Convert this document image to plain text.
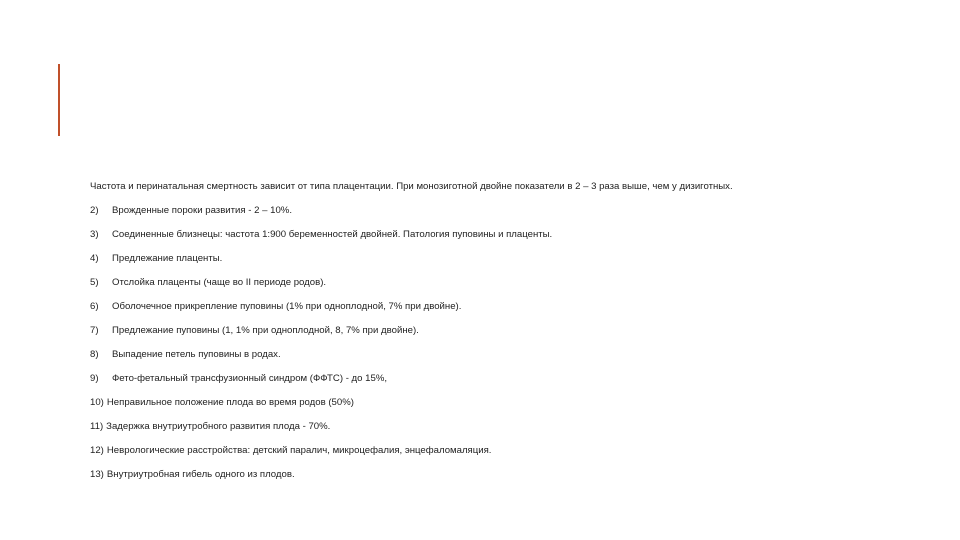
Частота и перинатальная смертность зависит от типа плацентации. При монозиготной двойне показатели в 2 – 3 раза выше, чем у дизиготных.

2)	Врожденные пороки развития - 2 – 10%.
3)	Соединенные близнецы: частота 1:900 беременностей двойней. Патология пуповины и плаценты.
4)	Предлежание плаценты.
5)	Отслойка плаценты (чаще во II периоде родов).
6)	Оболочечное прикрепление пуповины (1% при одноплодной, 7% при двойне).
7)	Предлежание пуповины (1, 1% при одноплодной, 8, 7% при двойне).
8)	Выпадение петель пуповины в родах.
9)	Фето-фетальный трансфузионный синдром (ФФТС) - до 15%,
10) Неправильное положение плода во время родов (50%)
11) Задержка внутриутробного развития плода - 70%.
12) Неврологические расстройства: детский паралич, микроцефалия, энцефаломаляция.
13) Внутриутробная гибель одного из плодов.
